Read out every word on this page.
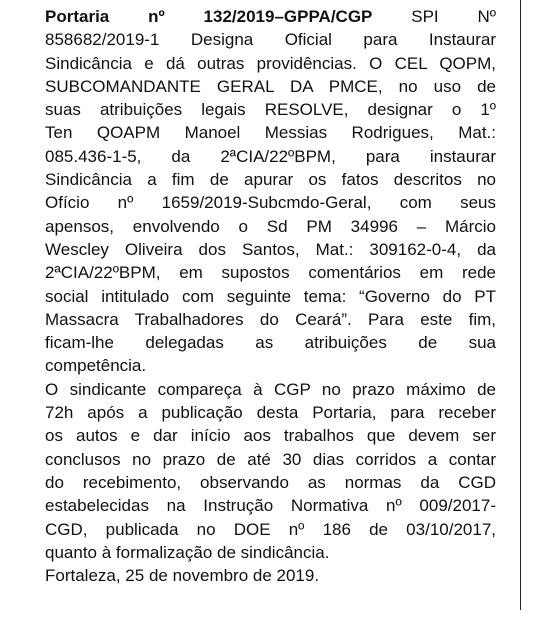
Portaria nº 132/2019–GPPA/CGP SPI Nº
858682/2019-1 Designa Oficial para Instaurar
Sindicância e dá outras providências. O CEL QOPM,
SUBCOMANDANTE GERAL DA PMCE, no uso de
suas atribuições legais RESOLVE, designar o 1º
Ten QOAPM Manoel Messias Rodrigues, Mat.:
085.436-1-5, da 2ªCIA/22ºBPM, para instaurar
Sindicância a fim de apurar os fatos descritos no
Ofício nº 1659/2019-Subcmdo-Geral, com seus
apensos, envolvendo o Sd PM 34996 – Márcio
Wescley Oliveira dos Santos, Mat.: 309162-0-4, da
2ªCIA/22ºBPM, em supostos comentários em rede
social intitulado com seguinte tema: “Governo do PT
Massacra Trabalhadores do Ceará”. Para este fim,
ficam-lhe delegadas as atribuições de sua
competência.

O sindicante compareça à CGP no prazo máximo de
72h após a publicação desta Portaria, para receber
os autos e dar início aos trabalhos que devem ser
conclusos no prazo de até 30 dias corridos a contar
do recebimento, observando as normas da CGD
estabelecidas na Instrução Normativa nº 009/2017-
CGD, publicada no DOE nº 186 de 03/10/2017,
quanto à formalização de sindicância.

Fortaleza, 25 de novembro de 2019.
